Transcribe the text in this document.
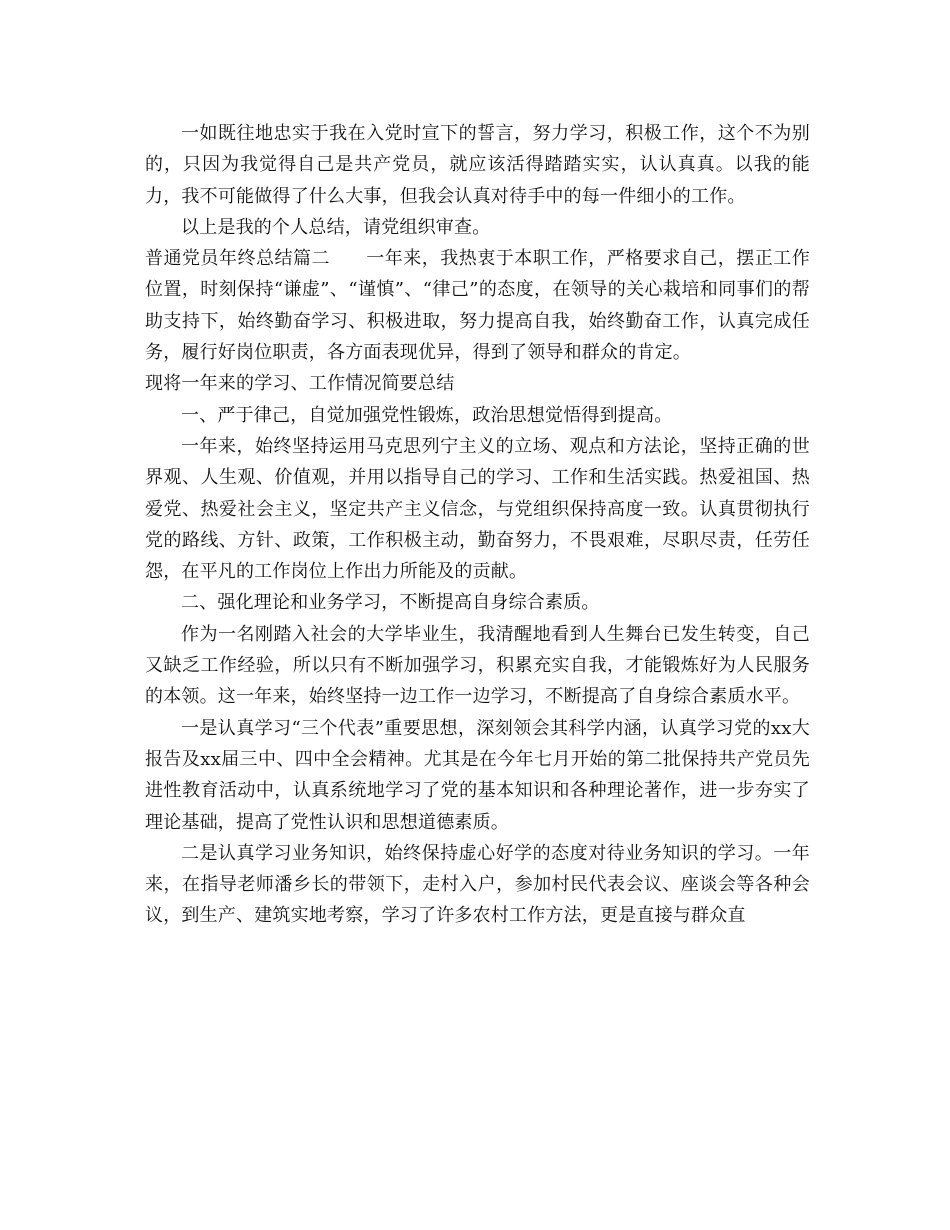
一如既往地忠实于我在入党时宣下的誓言，努力学习，积极工作，这个不为别的，只因为我觉得自己是共产党员，就应该活得踏踏实实，认认真真。以我的能力，我不可能做得了什么大事，但我会认真对待手中的每一件细小的工作。

以上是我的个人总结，请党组织审查。

普通党员年终总结篇二 一年来，我热衷于本职工作，严格要求自己，摆正工作位置，时刻保持“谦虚”、“谨慎”、“律己”的态度，在领导的关心栽培和同事们的帮助支持下，始终勤奋学习、积极进取，努力提高自我，始终勤奋工作，认真完成任务，履行好岗位职责，各方面表现优异，得到了领导和群众的肯定。

现将一年来的学习、工作情况简要总结

一、严于律己，自觉加强党性锻炼，政治思想觉悟得到提高。

一年来，始终坚持运用马克思列宁主义的立场、观点和方法论，坚持正确的世界观、人生观、价值观，并用以指导自己的学习、工作和生活实践。热爱祖国、热爱党、热爱社会主义，坚定共产主义信念，与党组织保持高度一致。认真贯彻执行党的路线、方针、政策，工作积极主动，勤奋努力，不畏艰难，尽职尽责，任劳任怨，在平凡的工作岗位上作出力所能及的贡献。

二、强化理论和业务学习，不断提高自身综合素质。

作为一名刚踏入社会的大学毕业生，我清醒地看到人生舞台已发生转变，自己又缺乏工作经验，所以只有不断加强学习，积累充实自我，才能锻炼好为人民服务的本领。这一年来，始终坚持一边工作一边学习，不断提高了自身综合素质水平。

一是认真学习“三个代表”重要思想，深刻领会其科学内涵，认真学习党的xx大报告及xx届三中、四中全会精神。尤其是在今年七月开始的第二批保持共产党员先进性教育活动中，认真系统地学习了党的基本知识和各种理论著作，进一步夯实了理论基础，提高了党性认识和思想道德素质。

二是认真学习业务知识，始终保持虚心好学的态度对待业务知识的学习。一年来，在指导老师潘乡长的带领下，走村入户，参加村民代表会议、座谈会等各种会议，到生产、建筑实地考察，学习了许多农村工作方法，更是直接与群众直
